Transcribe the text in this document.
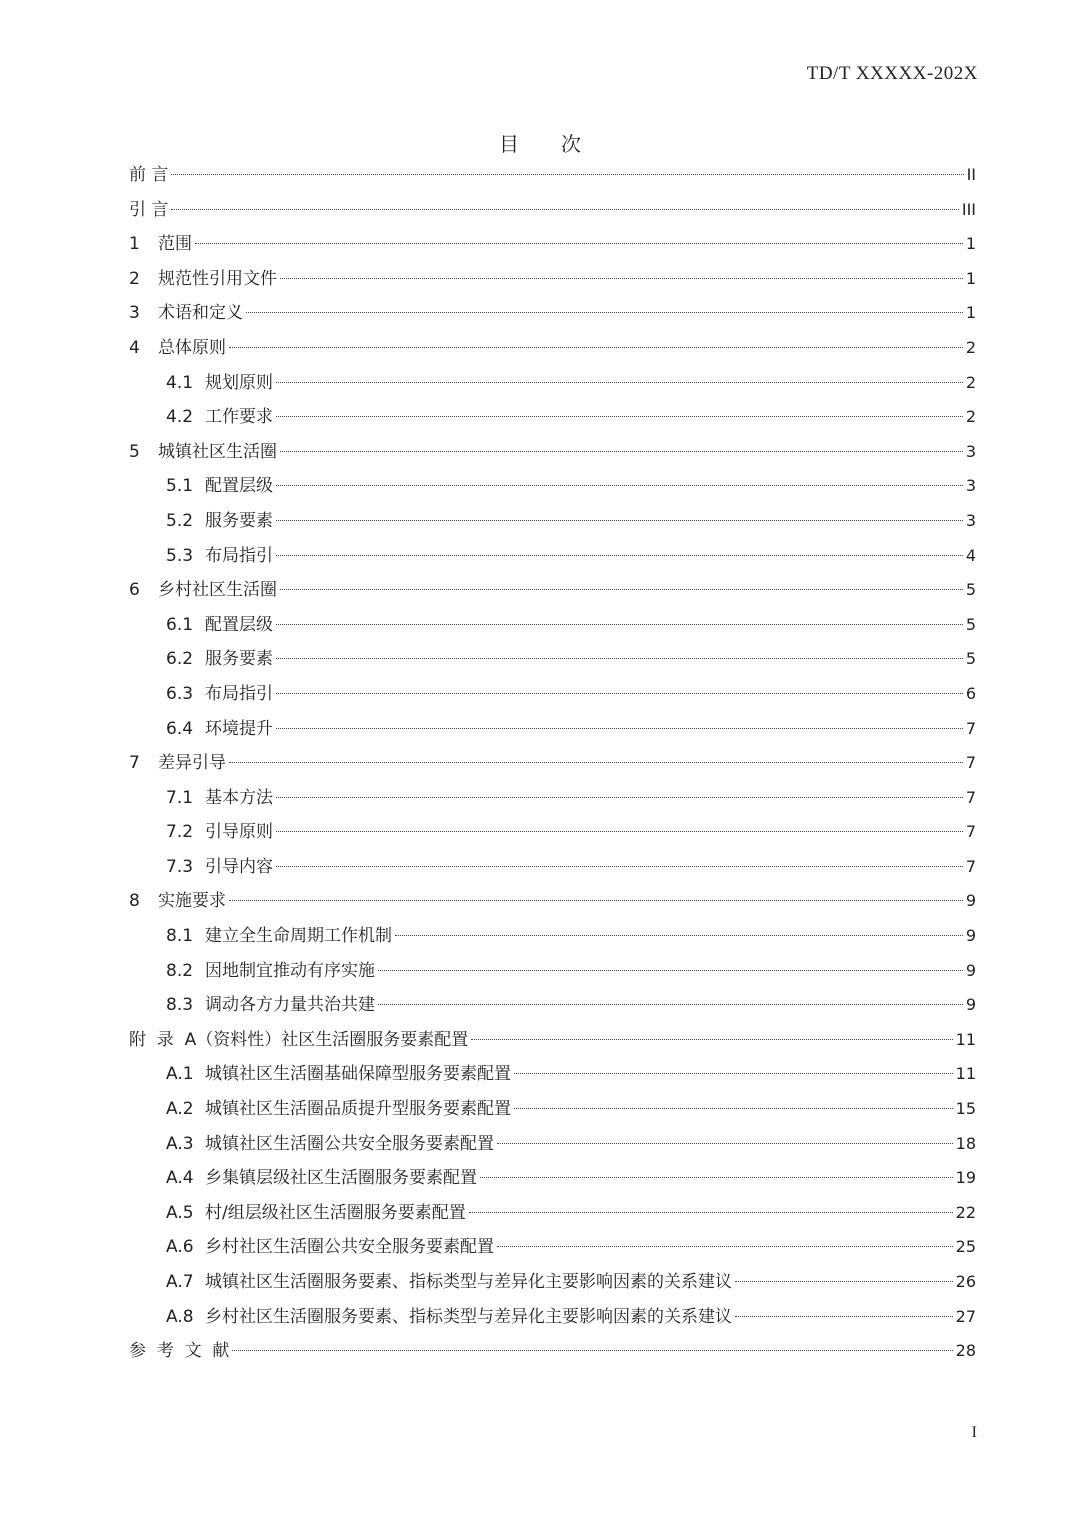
TD/T XXXXX-202X
目次
前 言	II
引 言	III
1	范围	1
2	规范性引用文件	1
3	术语和定义	1
4	总体原则	2
4.1 规划原则	2
4.2 工作要求	2
5	城镇社区生活圈	3
5.1 配置层级	3
5.2 服务要素	3
5.3 布局指引	4
6	乡村社区生活圈	5
6.1 配置层级	5
6.2 服务要素	5
6.3 布局指引	6
6.4 环境提升	7
7	差异引导	7
7.1 基本方法	7
7.2 引导原则	7
7.3 引导内容	7
8	实施要求	9
8.1 建立全生命周期工作机制	9
8.2 因地制宜推动有序实施	9
8.3 调动各方力量共治共建	9
附  录  A（资料性）社区生活圈服务要素配置	11
A.1 城镇社区生活圈基础保障型服务要素配置	11
A.2 城镇社区生活圈品质提升型服务要素配置	15
A.3 城镇社区生活圈公共安全服务要素配置	18
A.4 乡集镇层级社区生活圈服务要素配置	19
A.5 村/组层级社区生活圈服务要素配置	22
A.6 乡村社区生活圈公共安全服务要素配置	25
A.7 城镇社区生活圈服务要素、指标类型与差异化主要影响因素的关系建议	26
A.8 乡村社区生活圈服务要素、指标类型与差异化主要影响因素的关系建议	27
参  考  文  献	28
I
